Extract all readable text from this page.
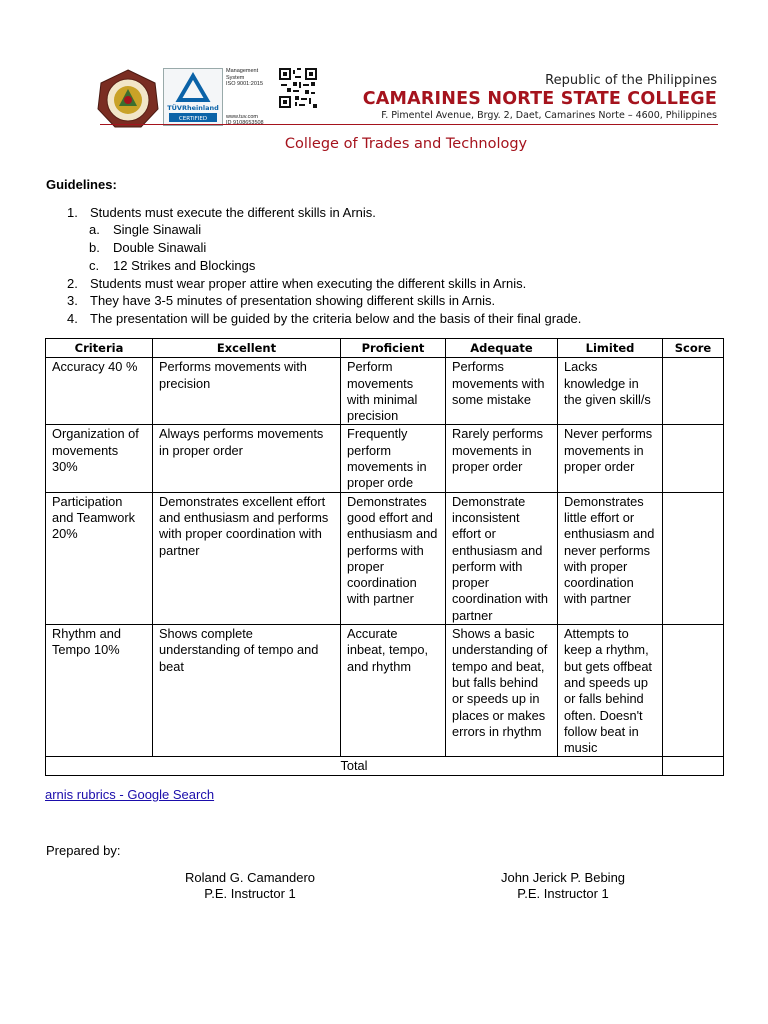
TÜVRheinland
CERTIFIED
Management
System
ISO 9001:2015
www.tuv.com
ID 9108653508
Republic of the Philippines
CAMARINES NORTE STATE COLLEGE
F. Pimentel Avenue, Brgy. 2, Daet, Camarines Norte – 4600, Philippines
College of Trades and Technology
Guidelines:
1. Students must execute the different skills in Arnis.
a. Single Sinawali
b. Double Sinawali
c. 12 Strikes and Blockings
2. Students must wear proper attire when executing the different skills in Arnis.
3. They have 3-5 minutes of presentation showing different skills in Arnis.
4. The presentation will be guided by the criteria below and the basis of their final grade.
Criteria	Excellent	Proficient	Adequate	Limited	Score
Accuracy 40 %	Performs movements with precision	Perform movements with minimal precision	Performs movements with some mistake	Lacks knowledge in the given skill/s	
Organization of movements 30%	Always performs movements in proper order	Frequently perform movements in proper orde	Rarely performs movements in proper order	Never performs movements in proper order	
Participation and Teamwork 20%	Demonstrates excellent effort and enthusiasm and performs with proper coordination with partner	Demonstrates good effort and enthusiasm and performs with proper coordination with partner	Demonstrate inconsistent effort or enthusiasm and perform with proper coordination with partner	Demonstrates little effort or enthusiasm and never performs with proper coordination with partner	
Rhythm and Tempo 10%	Shows complete understanding of tempo and beat	Accurate inbeat, tempo, and rhythm	Shows a basic understanding of tempo and beat, but falls behind or speeds up in places or makes errors in rhythm	Attempts to keep a rhythm, but gets offbeat and speeds up or falls behind often. Doesn't follow beat in music	
Total					
arnis rubrics - Google Search
Prepared by:
Roland G. Camandero
P.E. Instructor 1
John Jerick P. Bebing
P.E. Instructor 1
